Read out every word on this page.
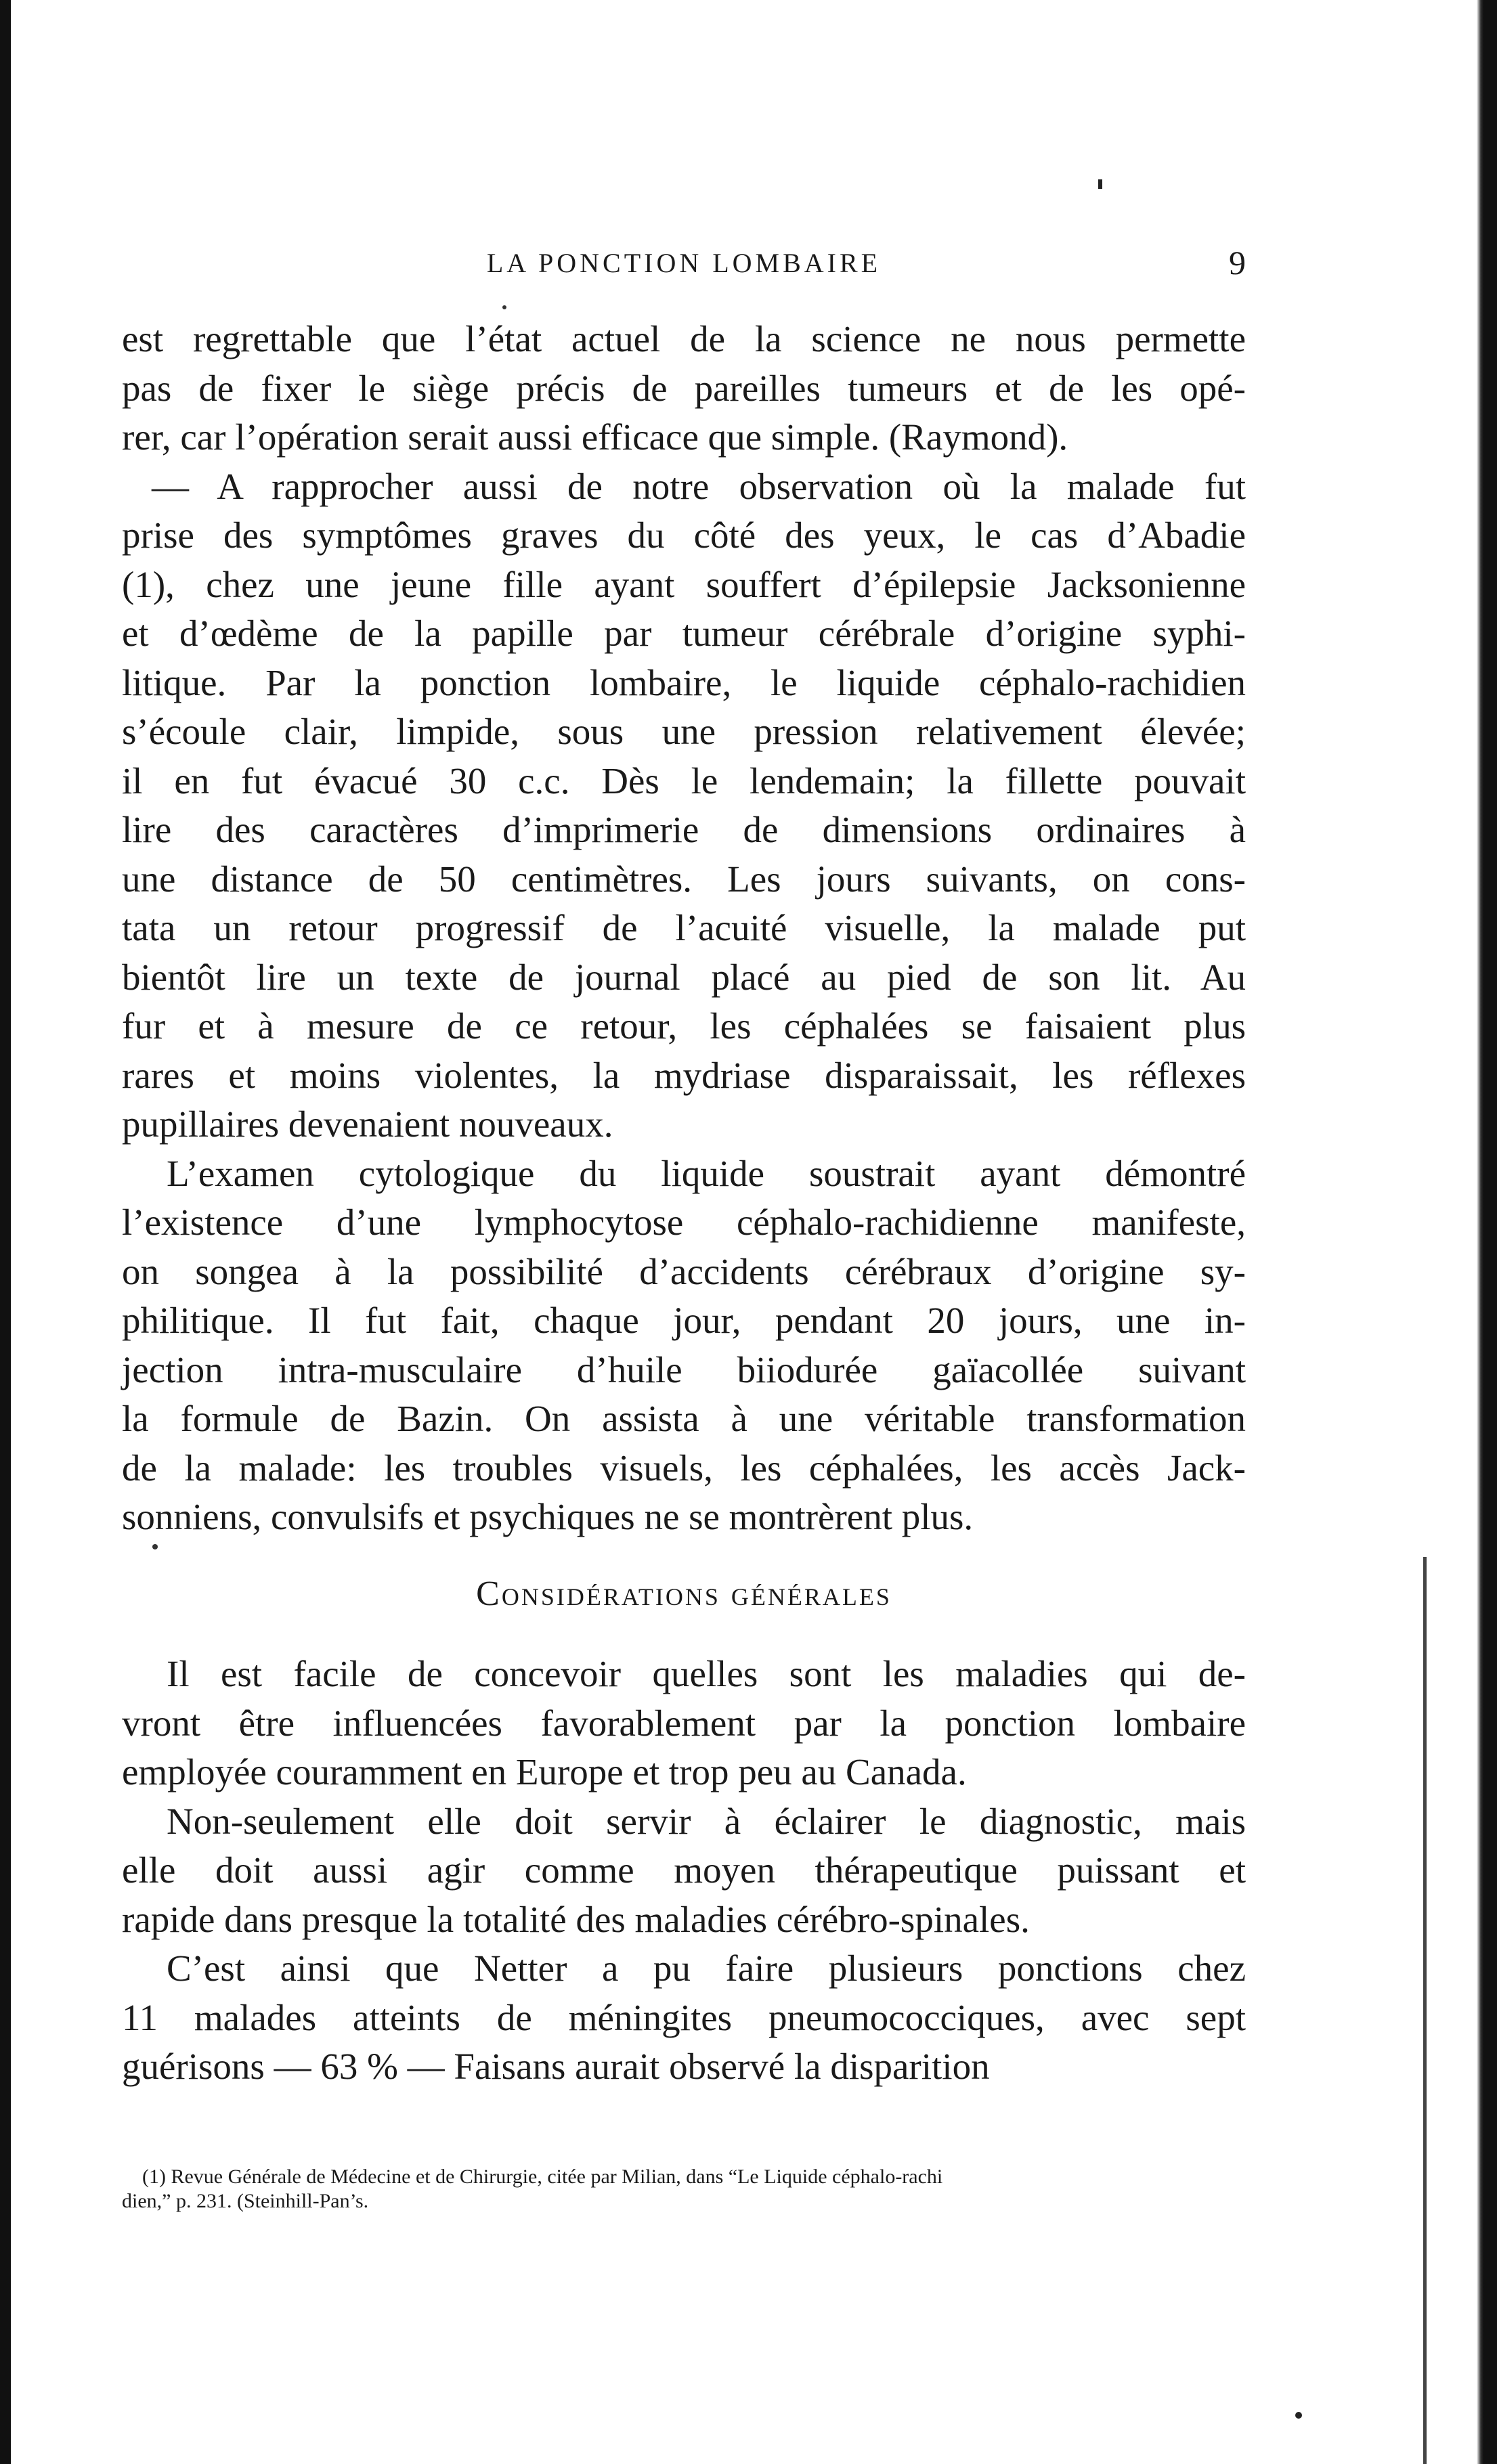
LA PONCTION LOMBAIRE	9
est regrettable que l’état actuel de la science ne nous permette
pas de fixer le siège précis de pareilles tumeurs et de les opé-
rer, car l’opération serait aussi efficace que simple. (Raymond).
— A rapprocher aussi de notre observation où la malade fut
prise des symptômes graves du côté des yeux, le cas d’Abadie
(1), chez une jeune fille ayant souffert d’épilepsie Jacksonienne
et d’œdème de la papille par tumeur cérébrale d’origine syphi-
litique. Par la ponction lombaire, le liquide céphalo-rachidien
s’écoule clair, limpide, sous une pression relativement élevée;
il en fut évacué 30 c.c. Dès le lendemain; la fillette pouvait
lire des caractères d’imprimerie de dimensions ordinaires à
une distance de 50 centimètres. Les jours suivants, on cons-
tata un retour progressif de l’acuité visuelle, la malade put
bientôt lire un texte de journal placé au pied de son lit. Au
fur et à mesure de ce retour, les céphalées se faisaient plus
rares et moins violentes, la mydriase disparaissait, les réflexes
pupillaires devenaient nouveaux.
L’examen cytologique du liquide soustrait ayant démontré
l’existence d’une lymphocytose céphalo-rachidienne manifeste,
on songea à la possibilité d’accidents cérébraux d’origine sy-
philitique. Il fut fait, chaque jour, pendant 20 jours, une in-
jection intra-musculaire d’huile biiodurée gaïacollée suivant
la formule de Bazin. On assista à une véritable transformation
de la malade: les troubles visuels, les céphalées, les accès Jack-
sonniens, convulsifs et psychiques ne se montrèrent plus.
Considérations générales
Il est facile de concevoir quelles sont les maladies qui de-
vront être influencées favorablement par la ponction lombaire
employée couramment en Europe et trop peu au Canada.
Non-seulement elle doit servir à éclairer le diagnostic, mais
elle doit aussi agir comme moyen thérapeutique puissant et
rapide dans presque la totalité des maladies cérébro-spinales.
C’est ainsi que Netter a pu faire plusieurs ponctions chez
11 malades atteints de méningites pneumococciques, avec sept
guérisons — 63 % — Faisans aurait observé la disparition
(1) Revue Générale de Médecine et de Chirurgie, citée par Milian, dans “Le Liquide céphalo-rachi
dien,” p. 231. (Steinhill-Pan’s.
